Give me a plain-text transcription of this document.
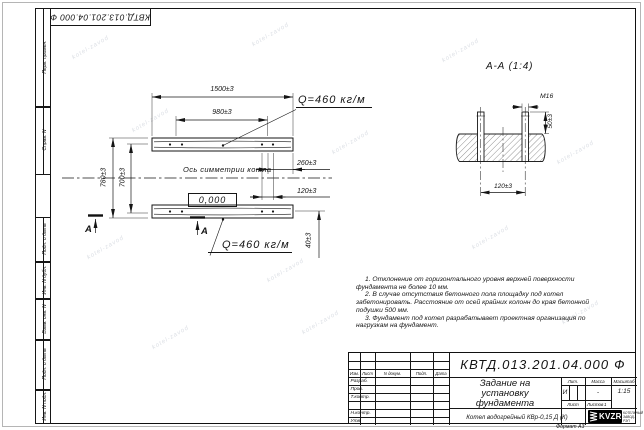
kotel-zavod	kotel-zavod
kotel-zavod
kotel-zavod
kotel-zavod	kotel-zavod
kotel-zavod
kotel-zavod
kotel-zavod
kotel-zavod
kotel-zavod	kotel-zavod
КВТД.013.201.04.000 Ф
Перв. примен.
Справ. N
Подп. и дата
Инв. N дубл.
Взам. инв. N
Подп. и дата
Инв. N подл.
1500±3
980±3
Q=460 кг/м
780±3 700±3	Ось симметрии котла
0,000
260±3
120±3
40±3
Q=460 кг/м
А	А
А-А (1:4)
М16
50±3
120±3
1. Отклонение от горизонтального уровня верхней поверхности
фундамента не более 10 мм.
2. В случае отсутствия бетонного пола площадку под котел
забетонировать. Расстояние от осей крайних колонн до края бетонной
подушки 500 мм.
3. Фундамент под котел разрабатывает проектная организация по
нагрузкам на фундамент.
Изм. Лист	N докум.	Подп.	Дата
Разраб.
Пров.
Т.контр.
Н.контр.
Утв.
КВТД.013.201.04.000 Ф
Задание на
установку
фундамента
Лит.	Масса	Масштаб
И	-	1:15
Лист	Листов 1
Котел водогрейный КВр-0,15 Д (К)	KVZR КОТЕЛЬНЫЙ
ЗАВОД-РЭП
Формат А3
